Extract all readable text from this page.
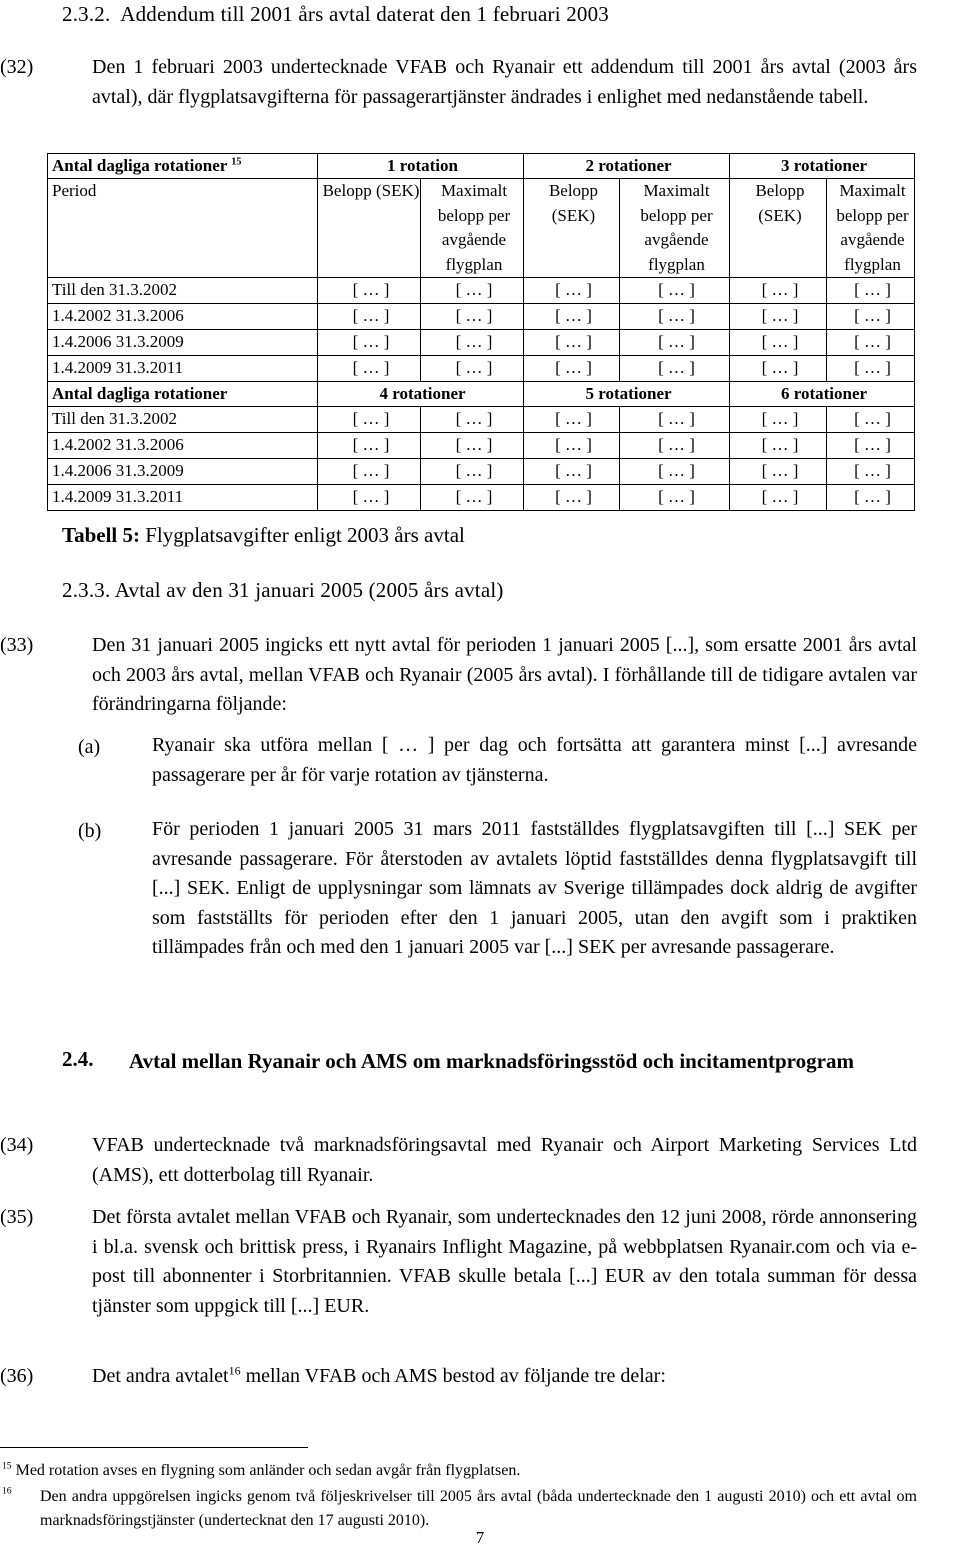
2.3.2. Addendum till 2001 års avtal daterat den 1 februari 2003
(32)	Den 1 februari 2003 undertecknade VFAB och Ryanair ett addendum till 2001 års avtal (2003 års avtal), där flygplatsavgifterna för passagerartjänster ändrades i enlighet med nedanstående tabell.
Antal dagliga rotationer $^{15}$	1 rotation		2 rotationer		3 rotationer	
Period	Belopp (SEK)	Maximalt belopp per avgående flygplan	Belopp (SEK)	Maximalt belopp per avgående flygplan	Belopp (SEK)	Maximalt belopp per avgående flygplan
Till den 31.3.2002	[ … ]	[ … ]	[ … ]	[ … ]	[ … ]	[ … ]
1.4.2002 31.3.2006	[ … ]	[ … ]	[ … ]	[ … ]	[ … ]	[ … ]
1.4.2006 31.3.2009	[ … ]	[ … ]	[ … ]	[ … ]	[ … ]	[ … ]
1.4.2009 31.3.2011	[ … ]	[ … ]	[ … ]	[ … ]	[ … ]	[ … ]
Antal dagliga rotationer	4 rotationer		5 rotationer		6 rotationer	
Till den 31.3.2002	[ … ]	[ … ]	[ … ]	[ … ]	[ … ]	[ … ]
1.4.2002 31.3.2006	[ … ]	[ … ]	[ … ]	[ … ]	[ … ]	[ … ]
1.4.2006 31.3.2009	[ … ]	[ … ]	[ … ]	[ … ]	[ … ]	[ … ]
1.4.2009 31.3.2011	[ … ]	[ … ]	[ … ]	[ … ]	[ … ]	[ … ]
Tabell 5: Flygplatsavgifter enligt 2003 års avtal
2.3.3. Avtal av den 31 januari 2005 (2005 års avtal)
(33)	Den 31 januari 2005 ingicks ett nytt avtal för perioden 1 januari 2005 [...], som ersatte 2001 års avtal och 2003 års avtal, mellan VFAB och Ryanair (2005 års avtal). I förhållande till de tidigare avtalen var förändringarna följande:
(a)	Ryanair ska utföra mellan [ … ] per dag och fortsätta att garantera minst [...] avresande passagerare per år för varje rotation av tjänsterna.
(b)	För perioden 1 januari 2005 31 mars 2011 fastställdes flygplatsavgiften till [...] SEK per avresande passagerare. För återstoden av avtalets löptid fastställdes denna flygplatsavgift till [...] SEK. Enligt de upplysningar som lämnats av Sverige tillämpades dock aldrig de avgifter som fastställts för perioden efter den 1 januari 2005, utan den avgift som i praktiken tillämpades från och med den 1 januari 2005 var [...] SEK per avresande passagerare.
2.4. Avtal mellan Ryanair och AMS om marknadsföringsstöd och incitamentprogram
(34)	VFAB undertecknade två marknadsföringsavtal med Ryanair och Airport Marketing Services Ltd (AMS), ett dotterbolag till Ryanair.
(35)	Det första avtalet mellan VFAB och Ryanair, som undertecknades den 12 juni 2008, rörde annonsering i bl.a. svensk och brittisk press, i Ryanairs Inflight Magazine, på webbplatsen Ryanair.com och via e-post till abonnenter i Storbritannien. VFAB skulle betala [...] EUR av den totala summan för dessa tjänster som uppgick till [...] EUR.
(36)	Det andra avtalet$^{16}$ mellan VFAB och AMS bestod av följande tre delar:
$^{15}$ Med rotation avses en flygning som anländer och sedan avgår från flygplatsen.
$^{16}$ Den andra uppgörelsen ingicks genom två följeskrivelser till 2005 års avtal (båda undertecknade den 1 augusti 2010) och ett avtal om marknadsföringstjänster (undertecknat den 17 augusti 2010).
7
